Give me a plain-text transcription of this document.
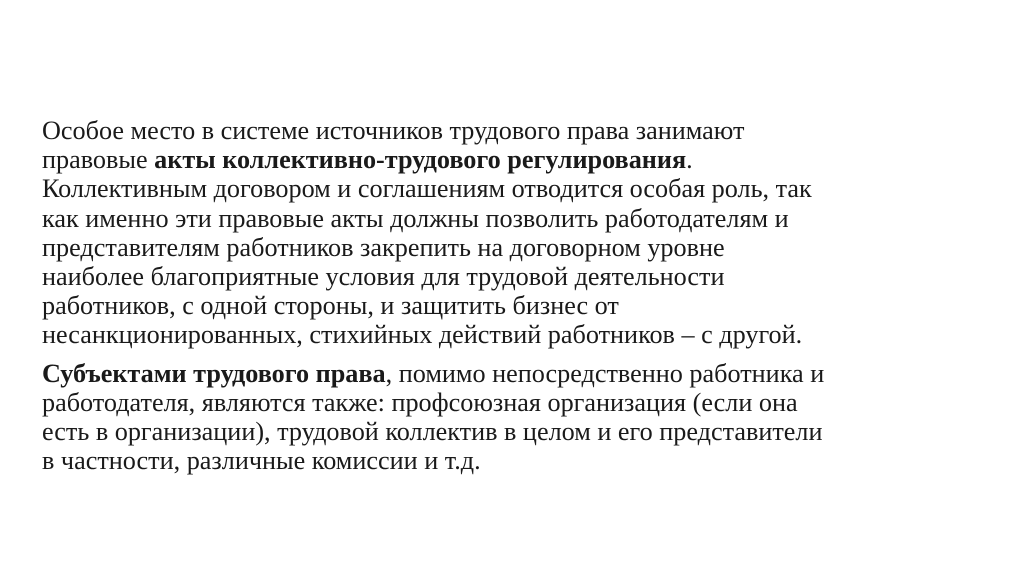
Особое место в системе источников трудового права занимают
правовые акты коллективно-трудового регулирования.
Коллективным договором и соглашениям отводится особая роль, так
как именно эти правовые акты должны позволить работодателям и
представителям работников закрепить на договорном уровне
наиболее благоприятные условия для трудовой деятельности
работников, с одной стороны, и защитить бизнес от
несанкционированных, стихийных действий работников – с другой.

Субъектами трудового права, помимо непосредственно работника и
работодателя, являются также: профсоюзная организация (если она
есть в организации), трудовой коллектив в целом и его представители
в частности, различные комиссии и т.д.
